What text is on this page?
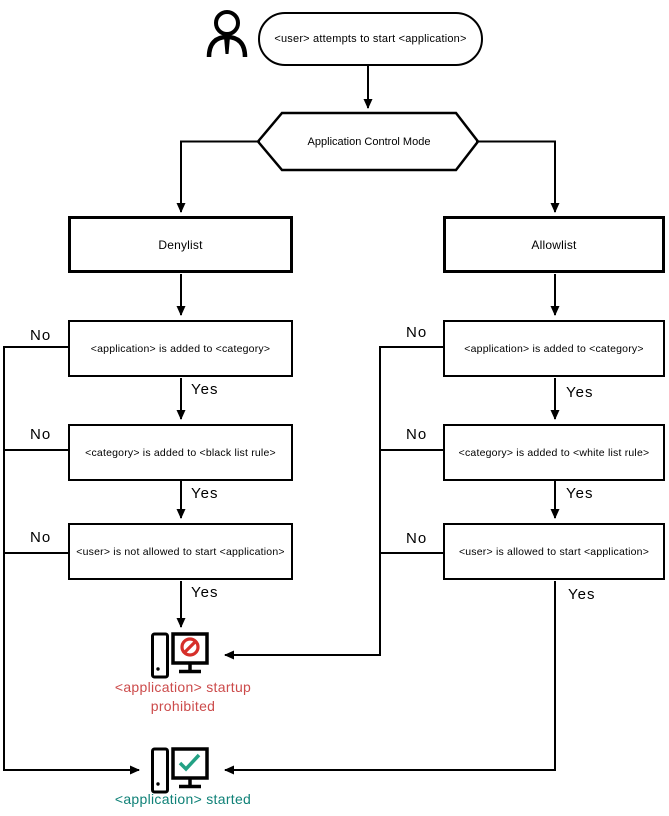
<user> attempts to start <application>
Application Control Mode
Denylist	Allowlist
<application> is added to <category>
<category> is added to <black list rule>
<user> is not allowed to start <application>
<application> is added to <category>
<category> is added to <white list rule>
<user> is allowed to start <application>
No
No
No
Yes
Yes
Yes
No
No
No
Yes
Yes
Yes
<application> startup
prohibited
<application> started
